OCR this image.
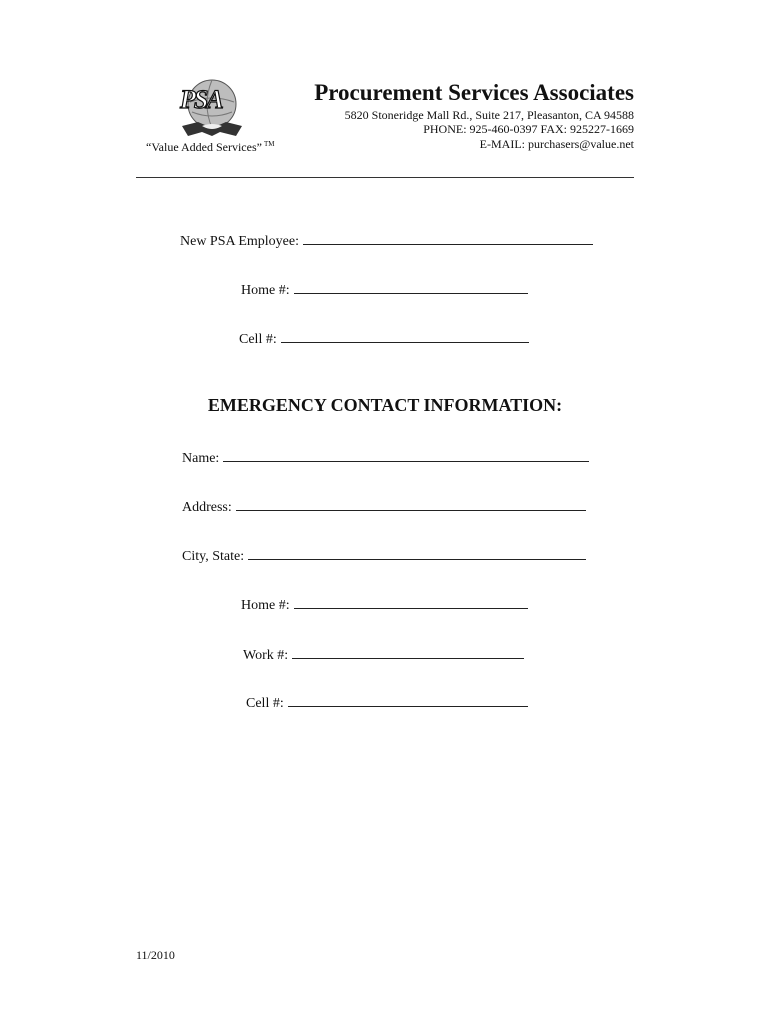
PSA
“Value Added Services” ™
Procurement Services Associates
5820 Stoneridge Mall Rd., Suite 217, Pleasanton, CA 94588
PHONE: 925-460-0397 FAX: 925227-1669
E-MAIL: purchasers@value.net
New PSA Employee:
Home #:
Cell #:
EMERGENCY CONTACT INFORMATION:
Name:
Address:
City, State:
Home #:
Work #:
Cell #:
11/2010
